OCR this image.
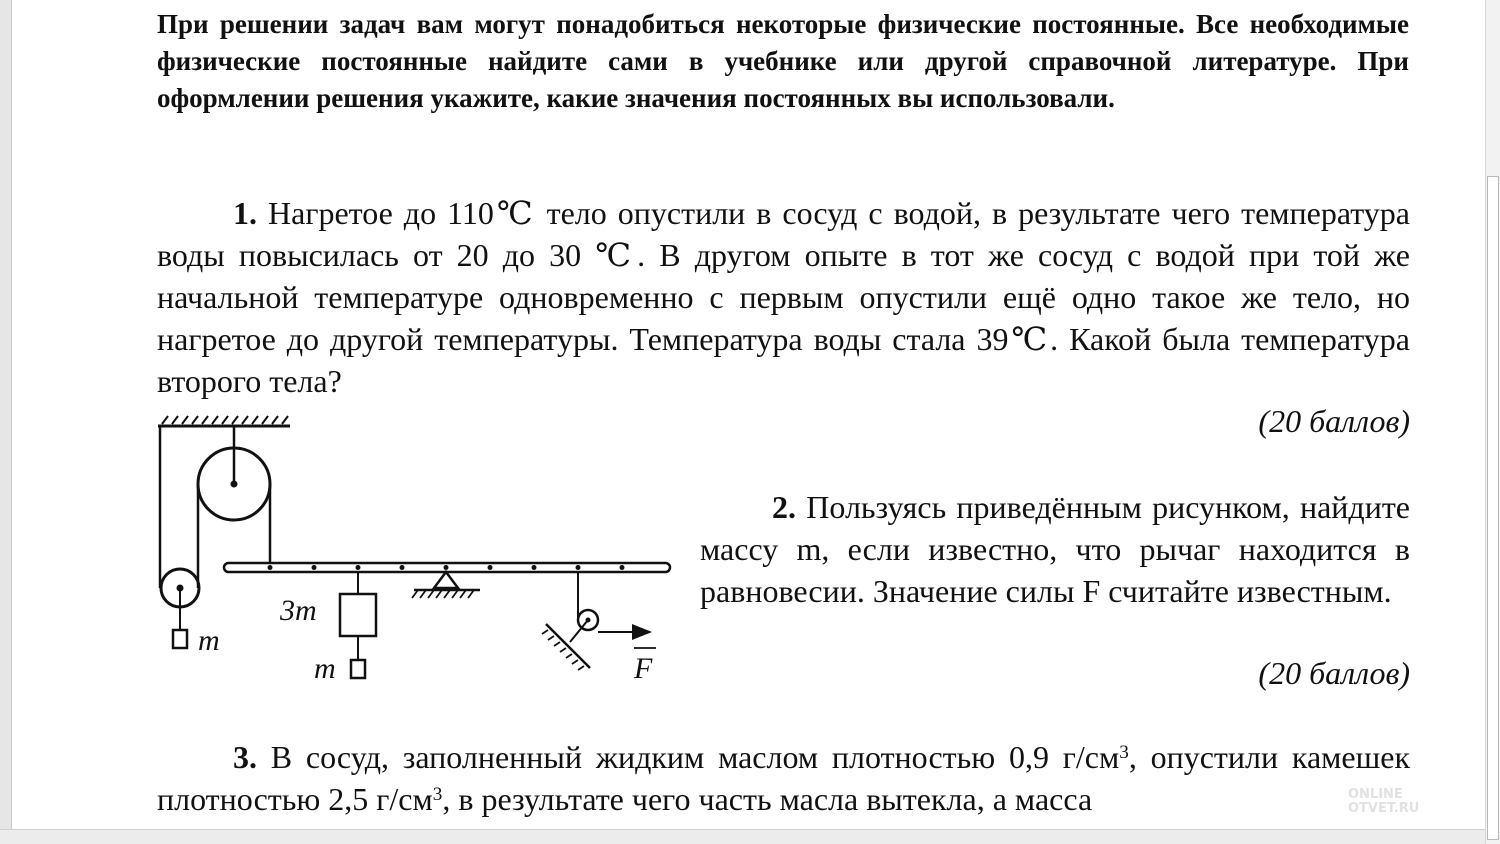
При решении задач вам могут понадобиться некоторые физические постоянные. Все необходимые физические постоянные найдите сами в учебнике или другой справочной литературе. При оформлении решения укажите, какие значения постоянных вы использовали.

1. Нагретое до 110℃ тело опустили в сосуд с водой, в результате чего температура воды повысилась от 20 до 30 ℃. В другом опыте в тот же сосуд с водой при той же начальной температуре одновременно с первым опустили ещё одно такое же тело, но нагретое до другой температуры. Температура воды стала 39℃. Какой была температура второго тела?

(20 баллов)

m
3m
m	F

2. Пользуясь приведённым рисунком, найдите массу m, если известно, что рычаг находится в равновесии. Значение силы F считайте известным.

(20 баллов)

3. В сосуд, заполненный жидким маслом плотностью 0,9 $г/см^3$, опустили камешек плотностью 2,5 $г/см^3$, в результате чего часть масла вытекла, а масса	ONLINE
OTVET.RU
